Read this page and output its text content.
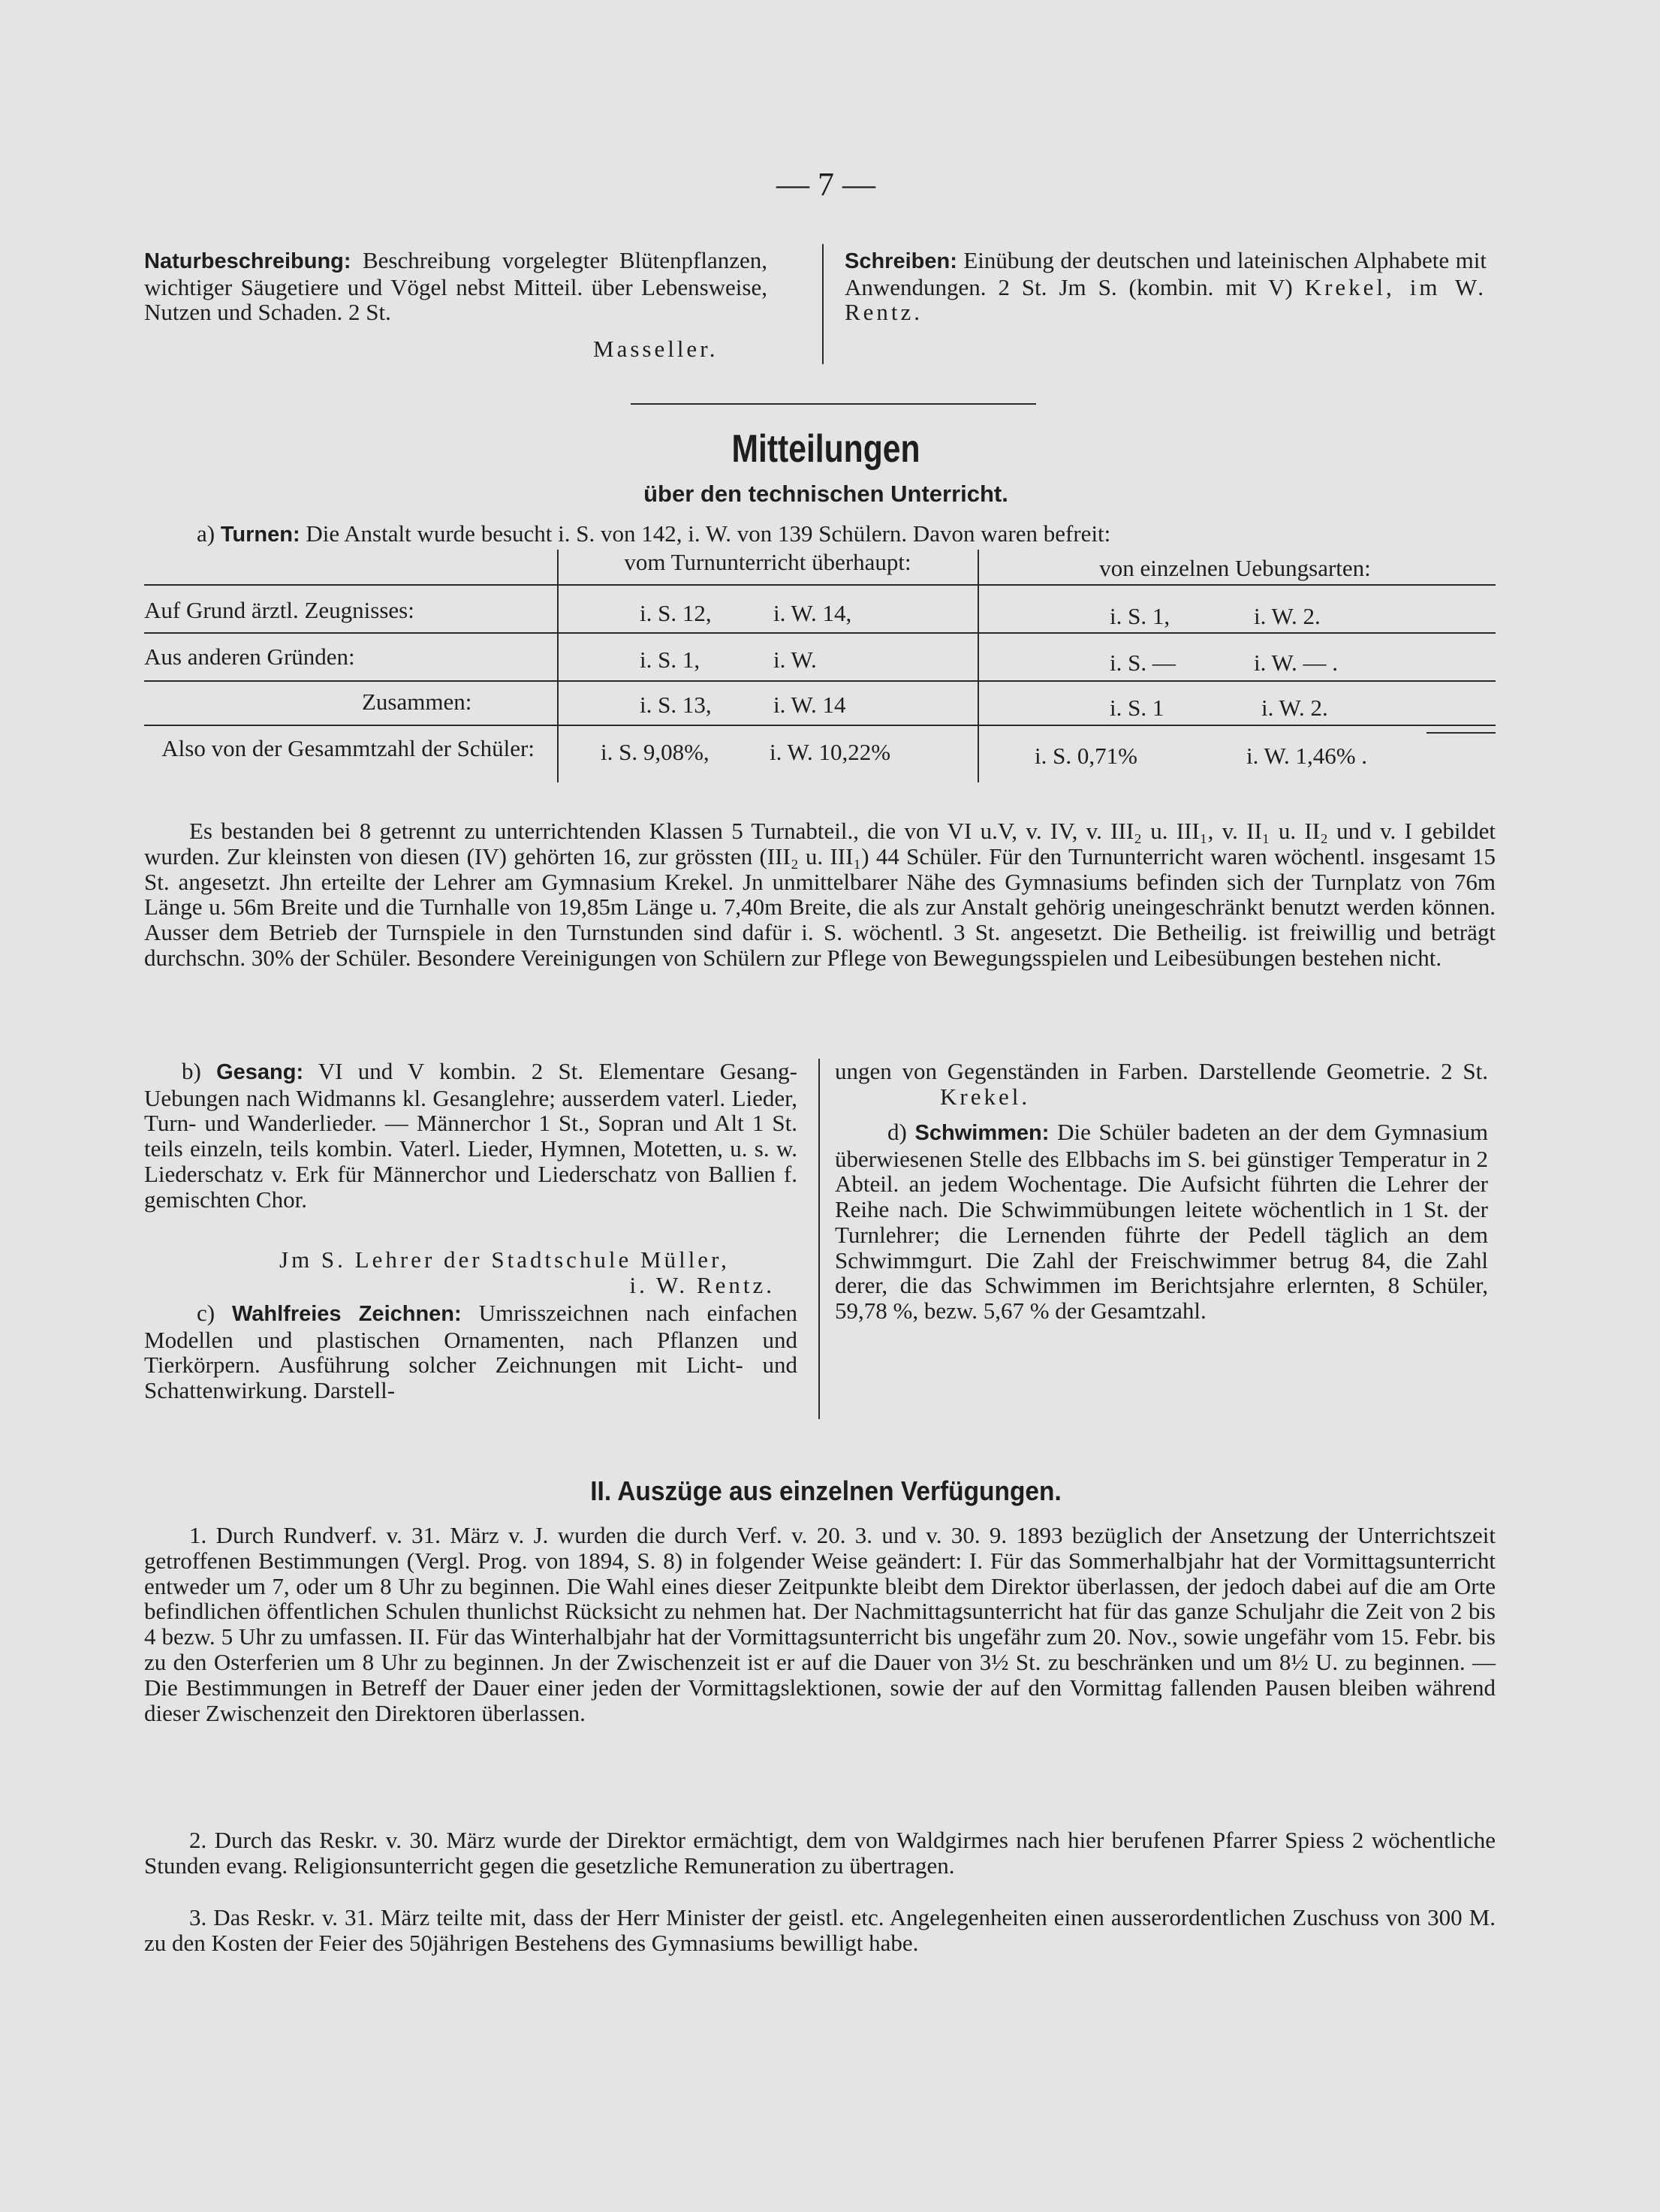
— 7 —
Naturbeschreibung: Beschreibung vorgelegter Blütenpflanzen, wichtiger Säugetiere und Vögel nebst Mitteil. über Lebensweise, Nutzen und Schaden. 2 St.
Masseller.
Schreiben: Einübung der deutschen und lateinischen Alphabete mit Anwendungen. 2 St. Jm S. (kombin. mit V) Krekel, im W. Rentz.
Mitteilungen
über den technischen Unterricht.
a) Turnen: Die Anstalt wurde besucht i. S. von 142, i. W. von 139 Schülern. Davon waren befreit:
vom Turnunterricht überhaupt:	von einzelnen Uebungsarten:
Auf Grund ärztl. Zeugnisses:	i. S. 12,	i. W. 14,	i. S. 1,	i. W. 2.
Aus anderen Gründen:	i. S. 1,	i. W.	i. S. —	i. W. — .
Zusammen:	i. S. 13,	i. W. 14	i. S. 1	i. W. 2.
Also von der Gesammtzahl der Schüler:	i. S. 9,08%,	i. W. 10,22%	i. S. 0,71%	i. W. 1,46% .
Es bestanden bei 8 getrennt zu unterrichtenden Klassen 5 Turnabteil., die von VI u.V, v. IV, v. III₂ u. III₁, v. II₁ u. II₂ und v. I gebildet wurden. Zur kleinsten von diesen (IV) gehörten 16, zur grössten (III₂ u. III₁) 44 Schüler. Für den Turnunterricht waren wöchentl. insgesamt 15 St. angesetzt. Jhn erteilte der Lehrer am Gymnasium Krekel. Jn unmittelbarer Nähe des Gymnasiums befinden sich der Turnplatz von 76m Länge u. 56m Breite und die Turnhalle von 19,85m Länge u. 7,40m Breite, die als zur Anstalt gehörig uneingeschränkt benutzt werden können. Ausser dem Betrieb der Turnspiele in den Turnstunden sind dafür i. S. wöchentl. 3 St. angesetzt. Die Betheilig. ist freiwillig und beträgt durchschn. 30% der Schüler. Besondere Vereinigungen von Schülern zur Pflege von Bewegungsspielen und Leibesübungen bestehen nicht.
b) Gesang: VI und V kombin. 2 St. Elementare Gesang-Uebungen nach Widmanns kl. Gesanglehre; ausserdem vaterl. Lieder, Turn- und Wanderlieder. — Männerchor 1 St., Sopran und Alt 1 St. teils einzeln, teils kombin. Vaterl. Lieder, Hymnen, Motetten, u. s. w. Liederschatz v. Erk für Männerchor und Liederschatz von Ballien f. gemischten Chor.
Jm S. Lehrer der Stadtschule Müller,
i. W. Rentz.
c) Wahlfreies Zeichnen: Umrisszeichnen nach einfachen Modellen und plastischen Ornamenten, nach Pflanzen und Tierkörpern. Ausführung solcher Zeichnungen mit Licht- und Schattenwirkung. Darstell-
ungen von Gegenständen in Farben. Darstellende Geometrie. 2 St. Krekel.
d) Schwimmen: Die Schüler badeten an der dem Gymnasium überwiesenen Stelle des Elbbachs im S. bei günstiger Temperatur in 2 Abteil. an jedem Wochentage. Die Aufsicht führten die Lehrer der Reihe nach. Die Schwimmübungen leitete wöchentlich in 1 St. der Turnlehrer; die Lernenden führte der Pedell täglich an dem Schwimmgurt. Die Zahl der Freischwimmer betrug 84, die Zahl derer, die das Schwimmen im Berichtsjahre erlernten, 8 Schüler, 59,78 %, bezw. 5,67 % der Gesamtzahl.
II. Auszüge aus einzelnen Verfügungen.
1. Durch Rundverf. v. 31. März v. J. wurden die durch Verf. v. 20. 3. und v. 30. 9. 1893 bezüglich der Ansetzung der Unterrichtszeit getroffenen Bestimmungen (Vergl. Prog. von 1894, S. 8) in folgender Weise geändert: I. Für das Sommerhalbjahr hat der Vormittagsunterricht entweder um 7, oder um 8 Uhr zu beginnen. Die Wahl eines dieser Zeitpunkte bleibt dem Direktor überlassen, der jedoch dabei auf die am Orte befindlichen öffentlichen Schulen thunlichst Rücksicht zu nehmen hat. Der Nachmittagsunterricht hat für das ganze Schuljahr die Zeit von 2 bis 4 bezw. 5 Uhr zu umfassen. II. Für das Winterhalbjahr hat der Vormittagsunterricht bis ungefähr zum 20. Nov., sowie ungefähr vom 15. Febr. bis zu den Osterferien um 8 Uhr zu beginnen. Jn der Zwischenzeit ist er auf die Dauer von 3½ St. zu beschränken und um 8½ U. zu beginnen. — Die Bestimmungen in Betreff der Dauer einer jeden der Vormittagslektionen, sowie der auf den Vormittag fallenden Pausen bleiben während dieser Zwischenzeit den Direktoren überlassen.
2. Durch das Reskr. v. 30. März wurde der Direktor ermächtigt, dem von Waldgirmes nach hier berufenen Pfarrer Spiess 2 wöchentliche Stunden evang. Religionsunterricht gegen die gesetzliche Remuneration zu übertragen.
3. Das Reskr. v. 31. März teilte mit, dass der Herr Minister der geistl. etc. Angelegenheiten einen ausserordentlichen Zuschuss von 300 M. zu den Kosten der Feier des 50jährigen Bestehens des Gymnasiums bewilligt habe.
